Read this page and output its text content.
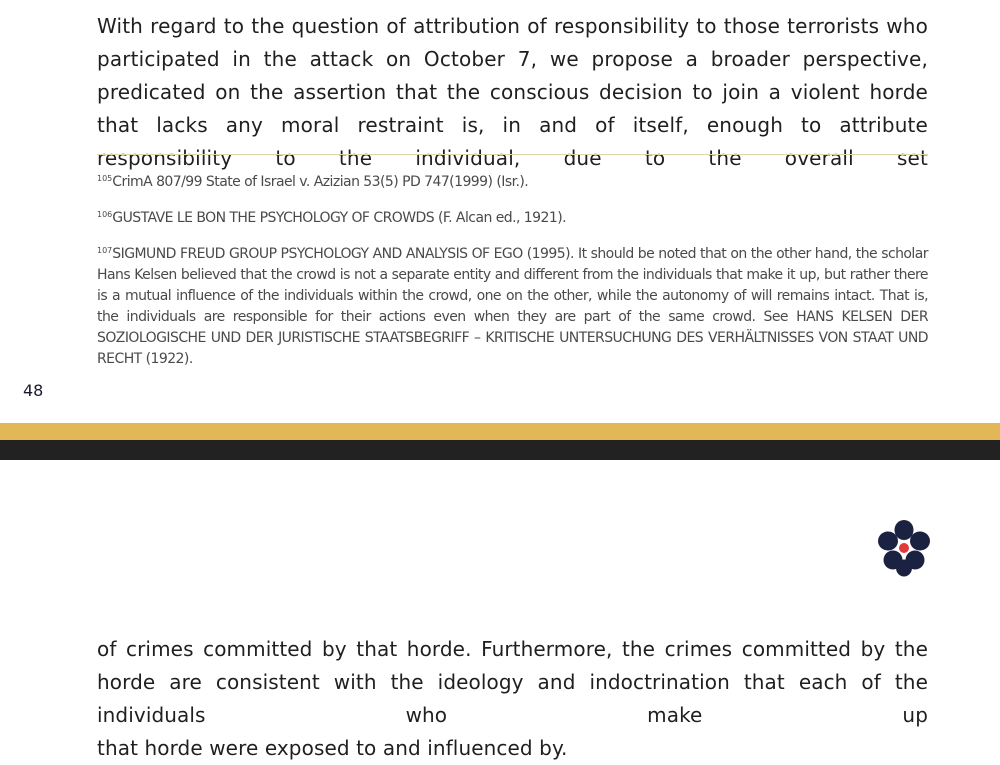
With regard to the question of attribution of responsibility to those terrorists who participated in the attack on October 7, we propose a broader perspective, predicated on the assertion that the conscious decision to join a violent horde that lacks any moral restraint is, in and of itself, enough to attribute responsibility to the individual, due to the overall set

$^{105}$CrimA 807/99 State of Israel v. Azizian 53(5) PD 747(1999) (Isr.).

$^{106}$GUSTAVE LE BON THE PSYCHOLOGY OF CROWDS (F. Alcan ed., 1921).

$^{107}$SIGMUND FREUD GROUP PSYCHOLOGY AND ANALYSIS OF EGO (1995). It should be noted that on the other hand, the scholar Hans Kelsen believed that the crowd is not a separate entity and different from the individuals that make it up, but rather there is a mutual influence of the individuals within the crowd, one on the other, while the autonomy of will remains intact. That is, the individuals are responsible for their actions even when they are part of the same crowd. See HANS KELSEN DER SOZIOLOGISCHE UND DER JURISTISCHE STAATSBEGRIFF – KRITISCHE UNTERSUCHUNG DES VERHÄLTNISSES VON STAAT UND RECHT (1922).

48
of crimes committed by that horde. Furthermore, the crimes committed by the horde are consistent with the ideology and indoctrination that each of the individuals who make up
that horde were exposed to and influenced by.
